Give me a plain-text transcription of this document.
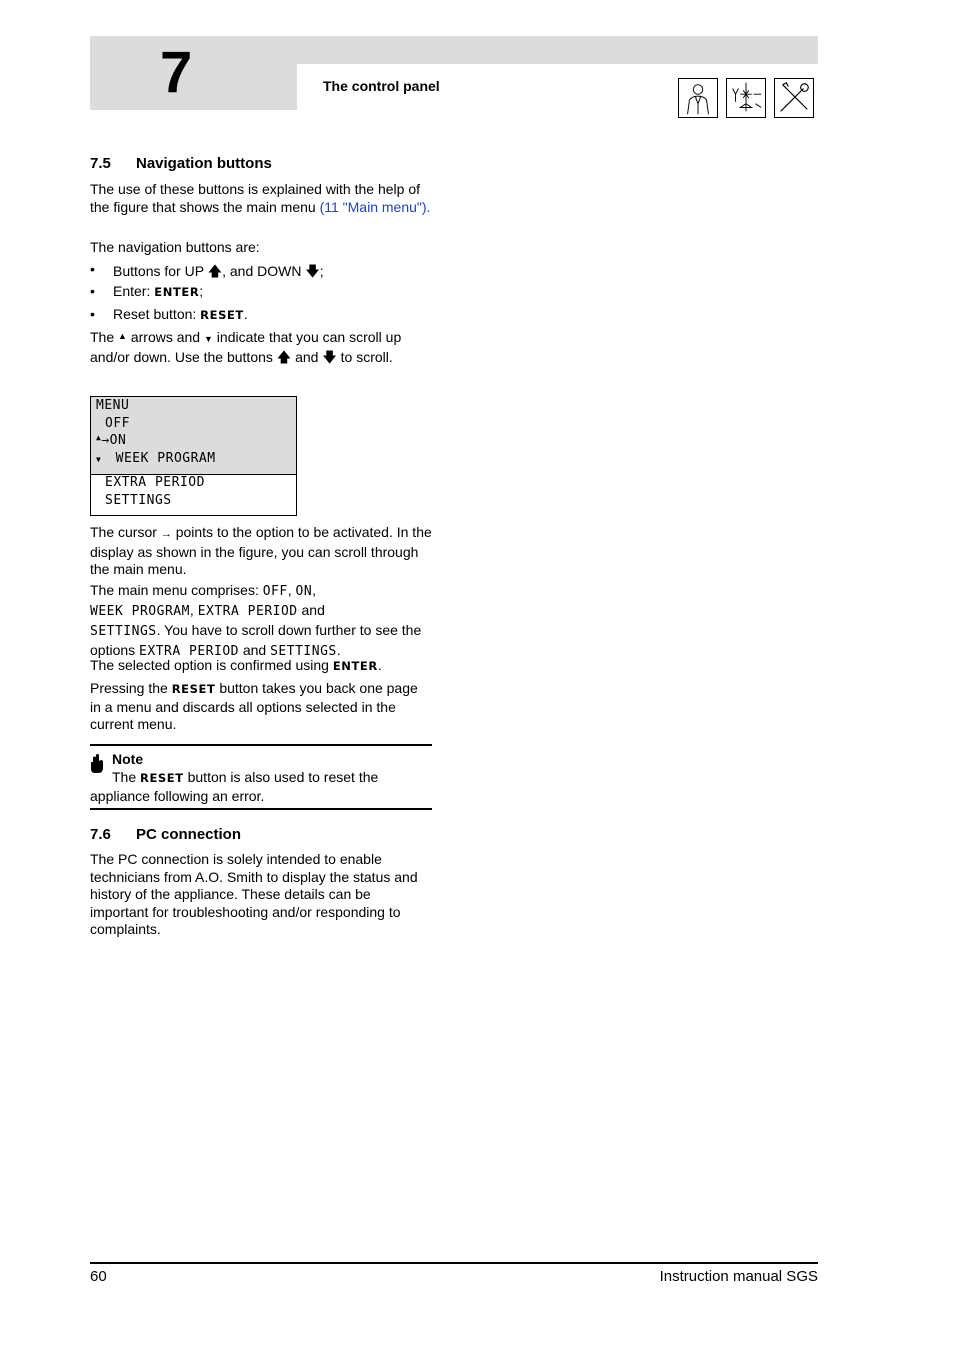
7	The control panel
7.5 Navigation buttons

The use of these buttons is explained with the help of the figure that shows the main menu (11 "Main menu").

The navigation buttons are:

• Buttons for UP 🡅, and DOWN 🡇;
• Enter: ENTER;
• Reset button: RESET.

The ▲ arrows and ▼ indicate that you can scroll up
and/or down. Use the buttons 🡅 and 🡇 to scroll.

MENU
OFF
▲→ON
▼ WEEK PROGRAM
EXTRA PERIOD
SETTINGS

The cursor → points to the option to be activated. In the
display as shown in the figure, you can scroll through
the main menu.

The main menu comprises: OFF, ON,
WEEK PROGRAM, EXTRA PERIOD and
SETTINGS. You have to scroll down further to see the
options EXTRA PERIOD and SETTINGS.

The selected option is confirmed using ENTER.

Pressing the RESET button takes you back one page
in a menu and discards all options selected in the
current menu.

Note

The RESET button is also used to reset the
appliance following an error.

7.6 PC connection

The PC connection is solely intended to enable
technicians from A.O. Smith to display the status and
history of the appliance. These details can be
important for troubleshooting and/or responding to
complaints.

60	Instruction manual SGS
